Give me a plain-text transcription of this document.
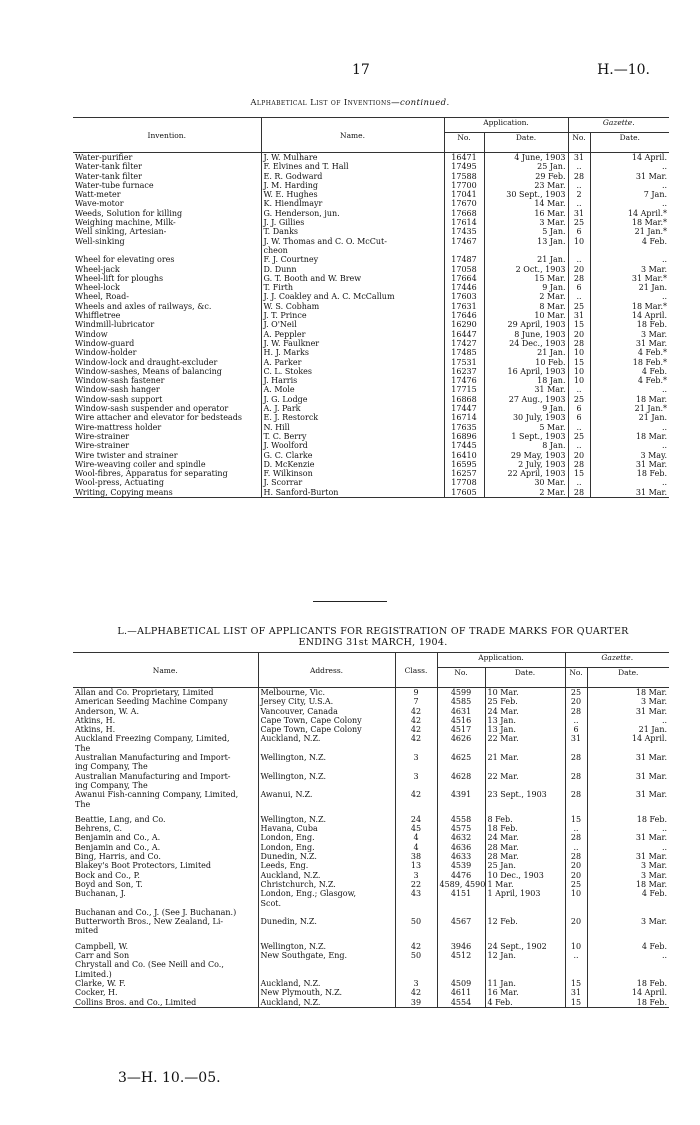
17	H.—10.
Alphabetical List of Inventions—continued.
Invention.	Name.	Application.		Gazette.	
		No.	Date.	No.	Date.
Water-purifier	J. W. Mulhare	16471	4 June, 1903	31	14 April.
Water-tank filter	F. Elvines and T. Hall	17495	25 Jan.	..	..
Water-tank filter	E. R. Godward	17588	29 Feb.	28	31 Mar.
Water-tube furnace	J. M. Harding	17700	23 Mar.	..	..
Watt-meter	W. E. Hughes	17041	30 Sept., 1903	2	7 Jan.
Wave-motor	K. Hiendlmayr	17670	14 Mar.	..	..
Weeds, Solution for killing	G. Henderson, jun.	17668	16 Mar.	31	14 April.*
Weighing machine, Milk-	J. J. Gillies	17614	3 Mar.	25	18 Mar.*
Well sinking, Artesian-	T. Danks	17435	5 Jan.	6	21 Jan.*
Well-sinking	J. W. Thomas and C. O. McCut-	17467	13 Jan.	10	4 Feb.
	cheon				
Wheel for elevating ores	F. J. Courtney	17487	21 Jan.	..	..
Wheel-jack	D. Dunn	17058	2 Oct., 1903	20	3 Mar.
Wheel-lift for ploughs	G. T. Booth and W. Brew	17664	15 Mar.	28	31 Mar.*
Wheel-lock	T. Firth	17446	9 Jan.	6	21 Jan.
Wheel, Road-	J. J. Coakley and A. C. McCallum	17603	2 Mar.	..	..
Wheels and axles of railways, &c.	W. S. Cobham	17631	8 Mar.	25	18 Mar.*
Whiffletree	J. T. Prince	17646	10 Mar.	31	14 April.
Windmill-lubricator	J. O'Neil	16290	29 April, 1903	15	18 Feb.
Window	A. Peppler	16447	8 June, 1903	20	3 Mar.
Window-guard	J. W. Faulkner	17427	24 Dec., 1903	28	31 Mar.
Window-holder	H. J. Marks	17485	21 Jan.	10	4 Feb.*
Window-lock and draught-excluder	A. Parker	17531	10 Feb.	15	18 Feb.*
Window-sashes, Means of balancing	C. L. Stokes	16237	16 April, 1903	10	4 Feb.
Window-sash fastener	J. Harris	17476	18 Jan.	10	4 Feb.*
Window-sash hanger	A. Mole	17715	31 Mar.	..	..
Window-sash support	J. G. Lodge	16868	27 Aug., 1903	25	18 Mar.
Window-sash suspender and operator	A. J. Park	17447	9 Jan.	6	21 Jan.*
Wire attacher and elevator for bedsteads	E. J. Restorck	16714	30 July, 1903	6	21 Jan.
Wire-mattress holder	N. Hill	17635	5 Mar.	..	..
Wire-strainer	T. C. Berry	16896	1 Sept., 1903	25	18 Mar.
Wire-strainer	J. Woolford	17445	8 Jan.	..	..
Wire twister and strainer	G. C. Clarke	16410	29 May, 1903	20	3 May.
Wire-weaving coiler and spindle	D. McKenzie	16595	2 July, 1903	28	31 Mar.
Wool-fibres, Apparatus for separating	F. Wilkinson	16257	22 April, 1903	15	18 Feb.
Wool-press, Actuating	J. Scorrar	17708	30 Mar.	..	..
Writing, Copying means	H. Sanford-Burton	17605	2 Mar.	28	31 Mar.
L.—ALPHABETICAL LIST OF APPLICANTS FOR REGISTRATION OF TRADE MARKS FOR QUARTER
ENDING 31st MARCH, 1904.
Name.	Address.	Class.	Application.		Gazette.	
			No.	Date.	No.	Date.
Allan and Co. Proprietary, Limited	Melbourne, Vic.	9	4599	10 Mar.	25	18 Mar.
American Seeding Machine Company	Jersey City, U.S.A.	7	4585	25 Feb.	20	3 Mar.
Anderson, W. A.	Vancouver, Canada	42	4631	24 Mar.	28	31 Mar.
Atkins, H.	Cape Town, Cape Colony	42	4516	13 Jan.	..	..
Atkins, H.	Cape Town, Cape Colony	42	4517	13 Jan.	6	21 Jan.
Auckland Freezing Company, Limited,	Auckland, N.Z.	42	4626	22 Mar.	31	14 April.
The						
Australian Manufacturing and Import-	Wellington, N.Z.	3	4625	21 Mar.	28	31 Mar.
ing Company, The						
Australian Manufacturing and Import-	Wellington, N.Z.	3	4628	22 Mar.	28	31 Mar.
ing Company, The						
Awanui Fish-canning Company, Limited,	Awanui, N.Z.	42	4391	23 Sept., 1903	28	31 Mar.
The						

Beattie, Lang, and Co.	Wellington, N.Z.	24	4558	8 Feb.	15	18 Feb.
Behrens, C.	Havana, Cuba	45	4575	18 Feb.	..	..
Benjamin and Co., A.	London, Eng.	4	4632	24 Mar.	28	31 Mar.
Benjamin and Co., A.	London, Eng.	4	4636	28 Mar.	..	..
Bing, Harris, and Co.	Dunedin, N.Z.	38	4633	28 Mar.	28	31 Mar.
Blakey's Boot Protectors, Limited	Leeds, Eng.	13	4539	25 Jan.	20	3 Mar.
Bock and Co., P.	Auckland, N.Z.	3	4476	10 Dec., 1903	20	3 Mar.
Boyd and Son, T.	Christchurch, N.Z.	22	4589, 4590	1 Mar.	25	18 Mar.
Buchanan, J.	London, Eng.; Glasgow,	43	4151	1 April, 1903	10	4 Feb.
	Scot.					
Buchanan and Co., J. (See J. Buchanan.)						
Butterworth Bros., New Zealand, Li-	Dunedin, N.Z.	50	4567	12 Feb.	20	3 Mar.
mited						

Campbell, W.	Wellington, N.Z.	42	3946	24 Sept., 1902	10	4 Feb.
Carr and Son	New Southgate, Eng.	50	4512	12 Jan.	..	..
Chrystall and Co. (See Neill and Co.,						
Limited.)						
Clarke, W. F.	Auckland, N.Z.	3	4509	11 Jan.	15	18 Feb.
Cocker, H.	New Plymouth, N.Z.	42	4611	16 Mar.	31	14 April.
Collins Bros. and Co., Limited	Auckland, N.Z.	39	4554	4 Feb.	15	18 Feb.
3—H. 10.—05.
